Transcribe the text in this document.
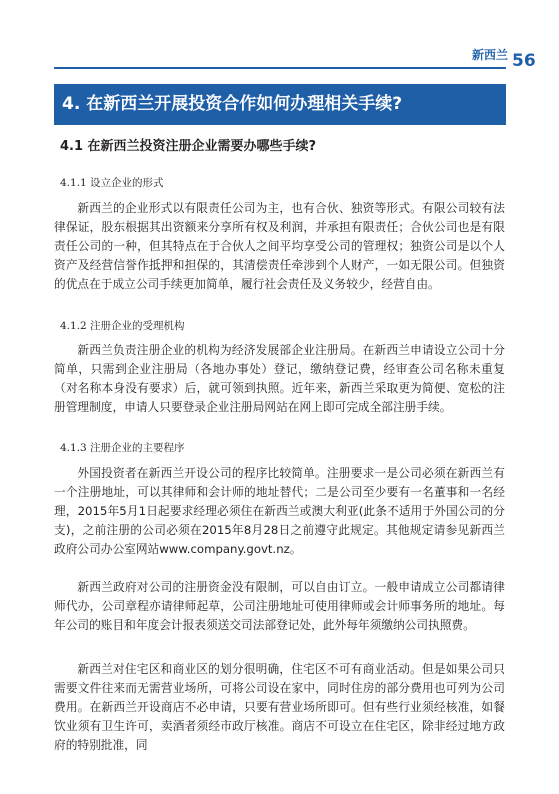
新西兰 56
4. 在新西兰开展投资合作如何办理相关手续?
4.1 在新西兰投资注册企业需要办哪些手续?
4.1.1 设立企业的形式
新西兰的企业形式以有限责任公司为主，也有合伙、独资等形式。有限公司较有法律保证，股东根据其出资额来分享所有权及利润，并承担有限责任；合伙公司也是有限责任公司的一种，但其特点在于合伙人之间平均享受公司的管理权；独资公司是以个人资产及经营信誉作抵押和担保的，其清偿责任牵涉到个人财产，一如无限公司。但独资的优点在于成立公司手续更加简单，履行社会责任及义务较少，经营自由。
4.1.2 注册企业的受理机构
新西兰负责注册企业的机构为经济发展部企业注册局。在新西兰申请设立公司十分简单，只需到企业注册局（各地办事处）登记，缴纳登记费，经审查公司名称未重复（对名称本身没有要求）后，就可领到执照。近年来，新西兰采取更为简便、宽松的注册管理制度，申请人只要登录企业注册局网站在网上即可完成全部注册手续。
4.1.3 注册企业的主要程序
外国投资者在新西兰开设公司的程序比较简单。注册要求一是公司必须在新西兰有一个注册地址，可以其律师和会计师的地址替代；二是公司至少要有一名董事和一名经理，2015年5月1日起要求经理必须住在新西兰或澳大利亚(此条不适用于外国公司的分支)，之前注册的公司必须在2015年8月28日之前遵守此规定。其他规定请参见新西兰政府公司办公室网站www.company.govt.nz。
新西兰政府对公司的注册资金没有限制，可以自由订立。一般申请成立公司都请律师代办，公司章程亦请律师起草，公司注册地址可使用律师或会计师事务所的地址。每年公司的账目和年度会计报表须送交司法部登记处，此外每年须缴纳公司执照费。
新西兰对住宅区和商业区的划分很明确，住宅区不可有商业活动。但是如果公司只需要文件往来而无需营业场所，可将公司设在家中，同时住房的部分费用也可列为公司费用。在新西兰开设商店不必申请，只要有营业场所即可。但有些行业须经核准，如餐饮业须有卫生许可，卖酒者须经市政厅核准。商店不可设立在住宅区，除非经过地方政府的特别批准，同
